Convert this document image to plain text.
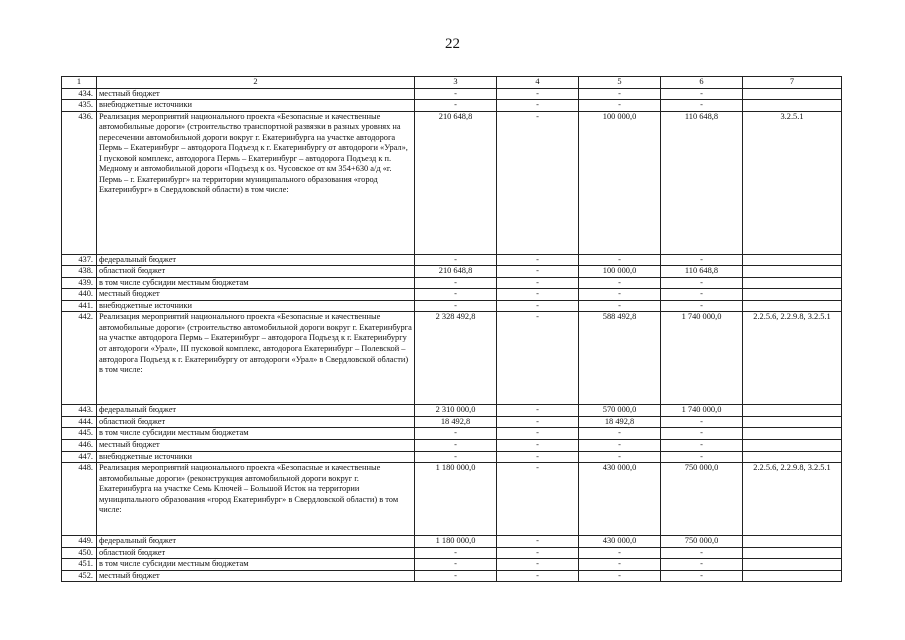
22
1	2	3	4	5	6	7
434.	местный бюджет	-	-	-	-	
435.	внебюджетные источники	-	-	-	-	
436.	Реализация мероприятий национального проекта «Безопасные и качественные автомобильные дороги» (строительство транспортной развязки в разных уровнях на пересечении автомобильной дороги вокруг г. Екатеринбурга на участке автодорога Пермь – Екатеринбург – автодорога Подъезд к г. Екатеринбургу от автодороги «Урал», I пусковой комплекс, автодорога Пермь – Екатеринбург – автодорога Подъезд к п. Медному и автомобильной дороги «Подъезд к оз. Чусовское от км 354+630 а/д «г. Пермь – г. Екатеринбург» на территории муниципального образования «город Екатеринбург» в Свердловской области) в том числе:	210 648,8	-	100 000,0	110 648,8	3.2.5.1
437.	федеральный бюджет	-	-	-	-	
438.	областной бюджет	210 648,8	-	100 000,0	110 648,8	
439.	в том числе субсидии местным бюджетам	-	-	-	-	
440.	местный бюджет	-	-	-	-	
441.	внебюджетные источники	-	-	-	-	
442.	Реализация мероприятий национального проекта «Безопасные и качественные автомобильные дороги» (строительство автомобильной дороги вокруг г. Екатеринбурга на участке автодорога Пермь – Екатеринбург – автодорога Подъезд к г. Екатеринбургу от автодороги «Урал», III пусковой комплекс, автодорога Екатеринбург – Полевской – автодорога Подъезд к г. Екатеринбургу от автодороги «Урал» в Свердловской области) в том числе:	2 328 492,8	-	588 492,8	1 740 000,0	2.2.5.6, 2.2.9.8, 3.2.5.1
443.	федеральный бюджет	2 310 000,0	-	570 000,0	1 740 000,0	
444.	областной бюджет	18 492,8	-	18 492,8	-	
445.	в том числе субсидии местным бюджетам	-	-	-	-	
446.	местный бюджет	-	-	-	-	
447.	внебюджетные источники	-	-	-	-	
448.	Реализация мероприятий национального проекта «Безопасные и качественные автомобильные дороги» (реконструкция автомобильной дороги вокруг г. Екатеринбурга на участке Семь Ключей – Большой Исток на территории муниципального образования «город Екатеринбург» в Свердловской области) в том числе:	1 180 000,0	-	430 000,0	750 000,0	2.2.5.6, 2.2.9.8, 3.2.5.1
449.	федеральный бюджет	1 180 000,0	-	430 000,0	750 000,0	
450.	областной бюджет	-	-	-	-	
451.	в том числе субсидии местным бюджетам	-	-	-	-	
452.	местный бюджет	-	-	-	-	
